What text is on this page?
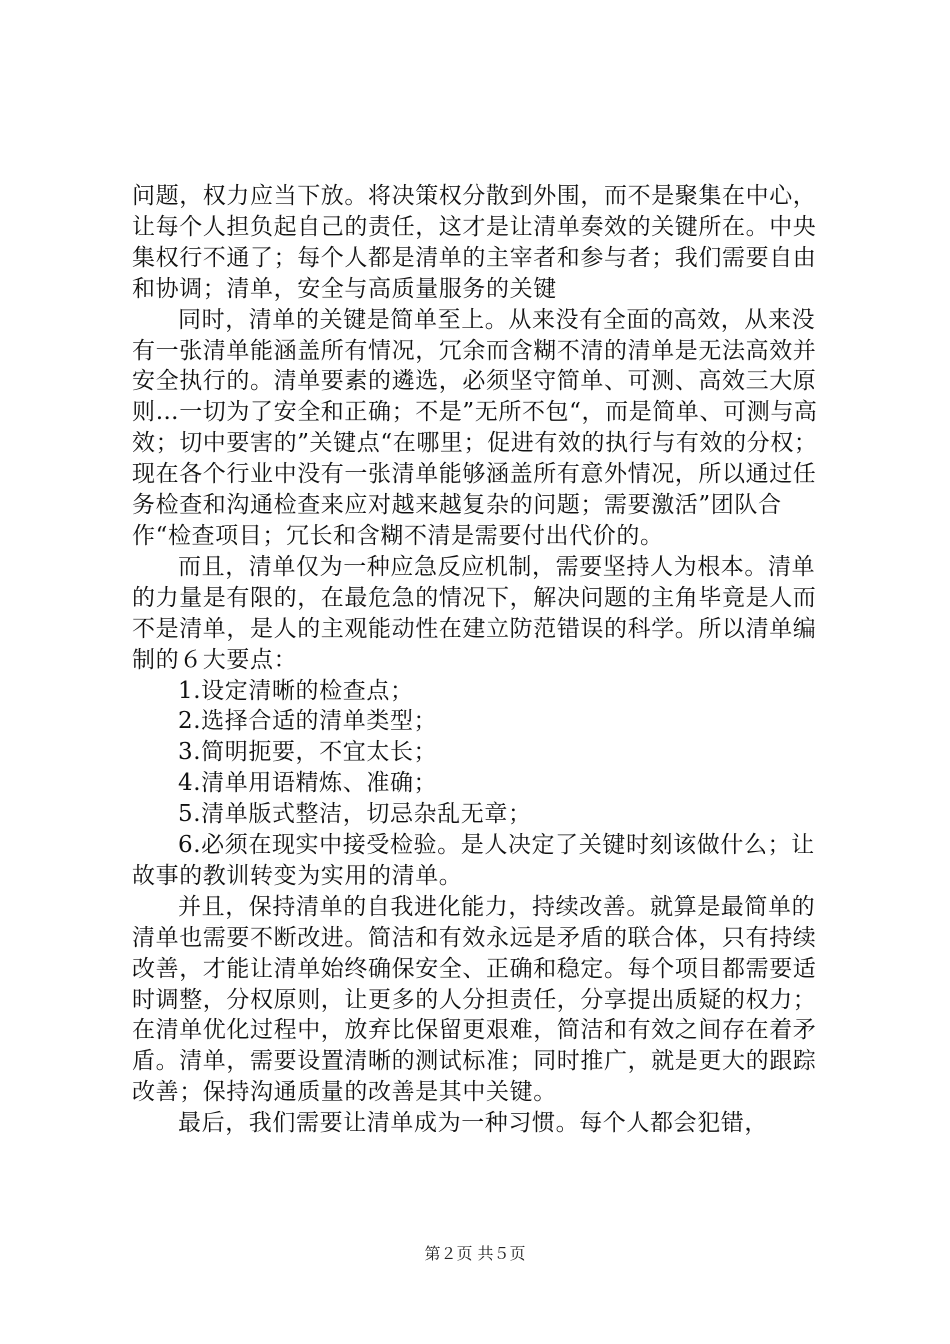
问题，权力应当下放。将决策权分散到外围，而不是聚集在中心，让每个人担负起自己的责任，这才是让清单奏效的关键所在。中央集权行不通了；每个人都是清单的主宰者和参与者；我们需要自由和协调；清单，安全与高质量服务的关键

同时，清单的关键是简单至上。从来没有全面的高效，从来没有一张清单能涵盖所有情况，冗余而含糊不清的清单是无法高效并安全执行的。清单要素的遴选，必须坚守简单、可测、高效三大原则…一切为了安全和正确；不是”无所不包“，而是简单、可测与高效；切中要害的”关键点“在哪里；促进有效的执行与有效的分权；现在各个行业中没有一张清单能够涵盖所有意外情况，所以通过任务检查和沟通检查来应对越来越复杂的问题；需要激活”团队合作“检查项目；冗长和含糊不清是需要付出代价的。

而且，清单仅为一种应急反应机制，需要坚持人为根本。清单的力量是有限的，在最危急的情况下，解决问题的主角毕竟是人而不是清单，是人的主观能动性在建立防范错误的科学。所以清单编制的６大要点：

1.设定清晰的检查点；

2.选择合适的清单类型；

3.简明扼要，不宜太长；

4.清单用语精炼、准确；

5.清单版式整洁，切忌杂乱无章；

6.必须在现实中接受检验。是人决定了关键时刻该做什么；让故事的教训转变为实用的清单。

并且，保持清单的自我进化能力，持续改善。就算是最简单的清单也需要不断改进。简洁和有效永远是矛盾的联合体，只有持续改善，才能让清单始终确保安全、正确和稳定。每个项目都需要适时调整，分权原则，让更多的人分担责任，分享提出质疑的权力；在清单优化过程中，放弃比保留更艰难，简洁和有效之间存在着矛盾。清单，需要设置清晰的测试标准；同时推广，就是更大的跟踪改善；保持沟通质量的改善是其中关键。

最后，我们需要让清单成为一种习惯。每个人都会犯错，

第２页 共５页
